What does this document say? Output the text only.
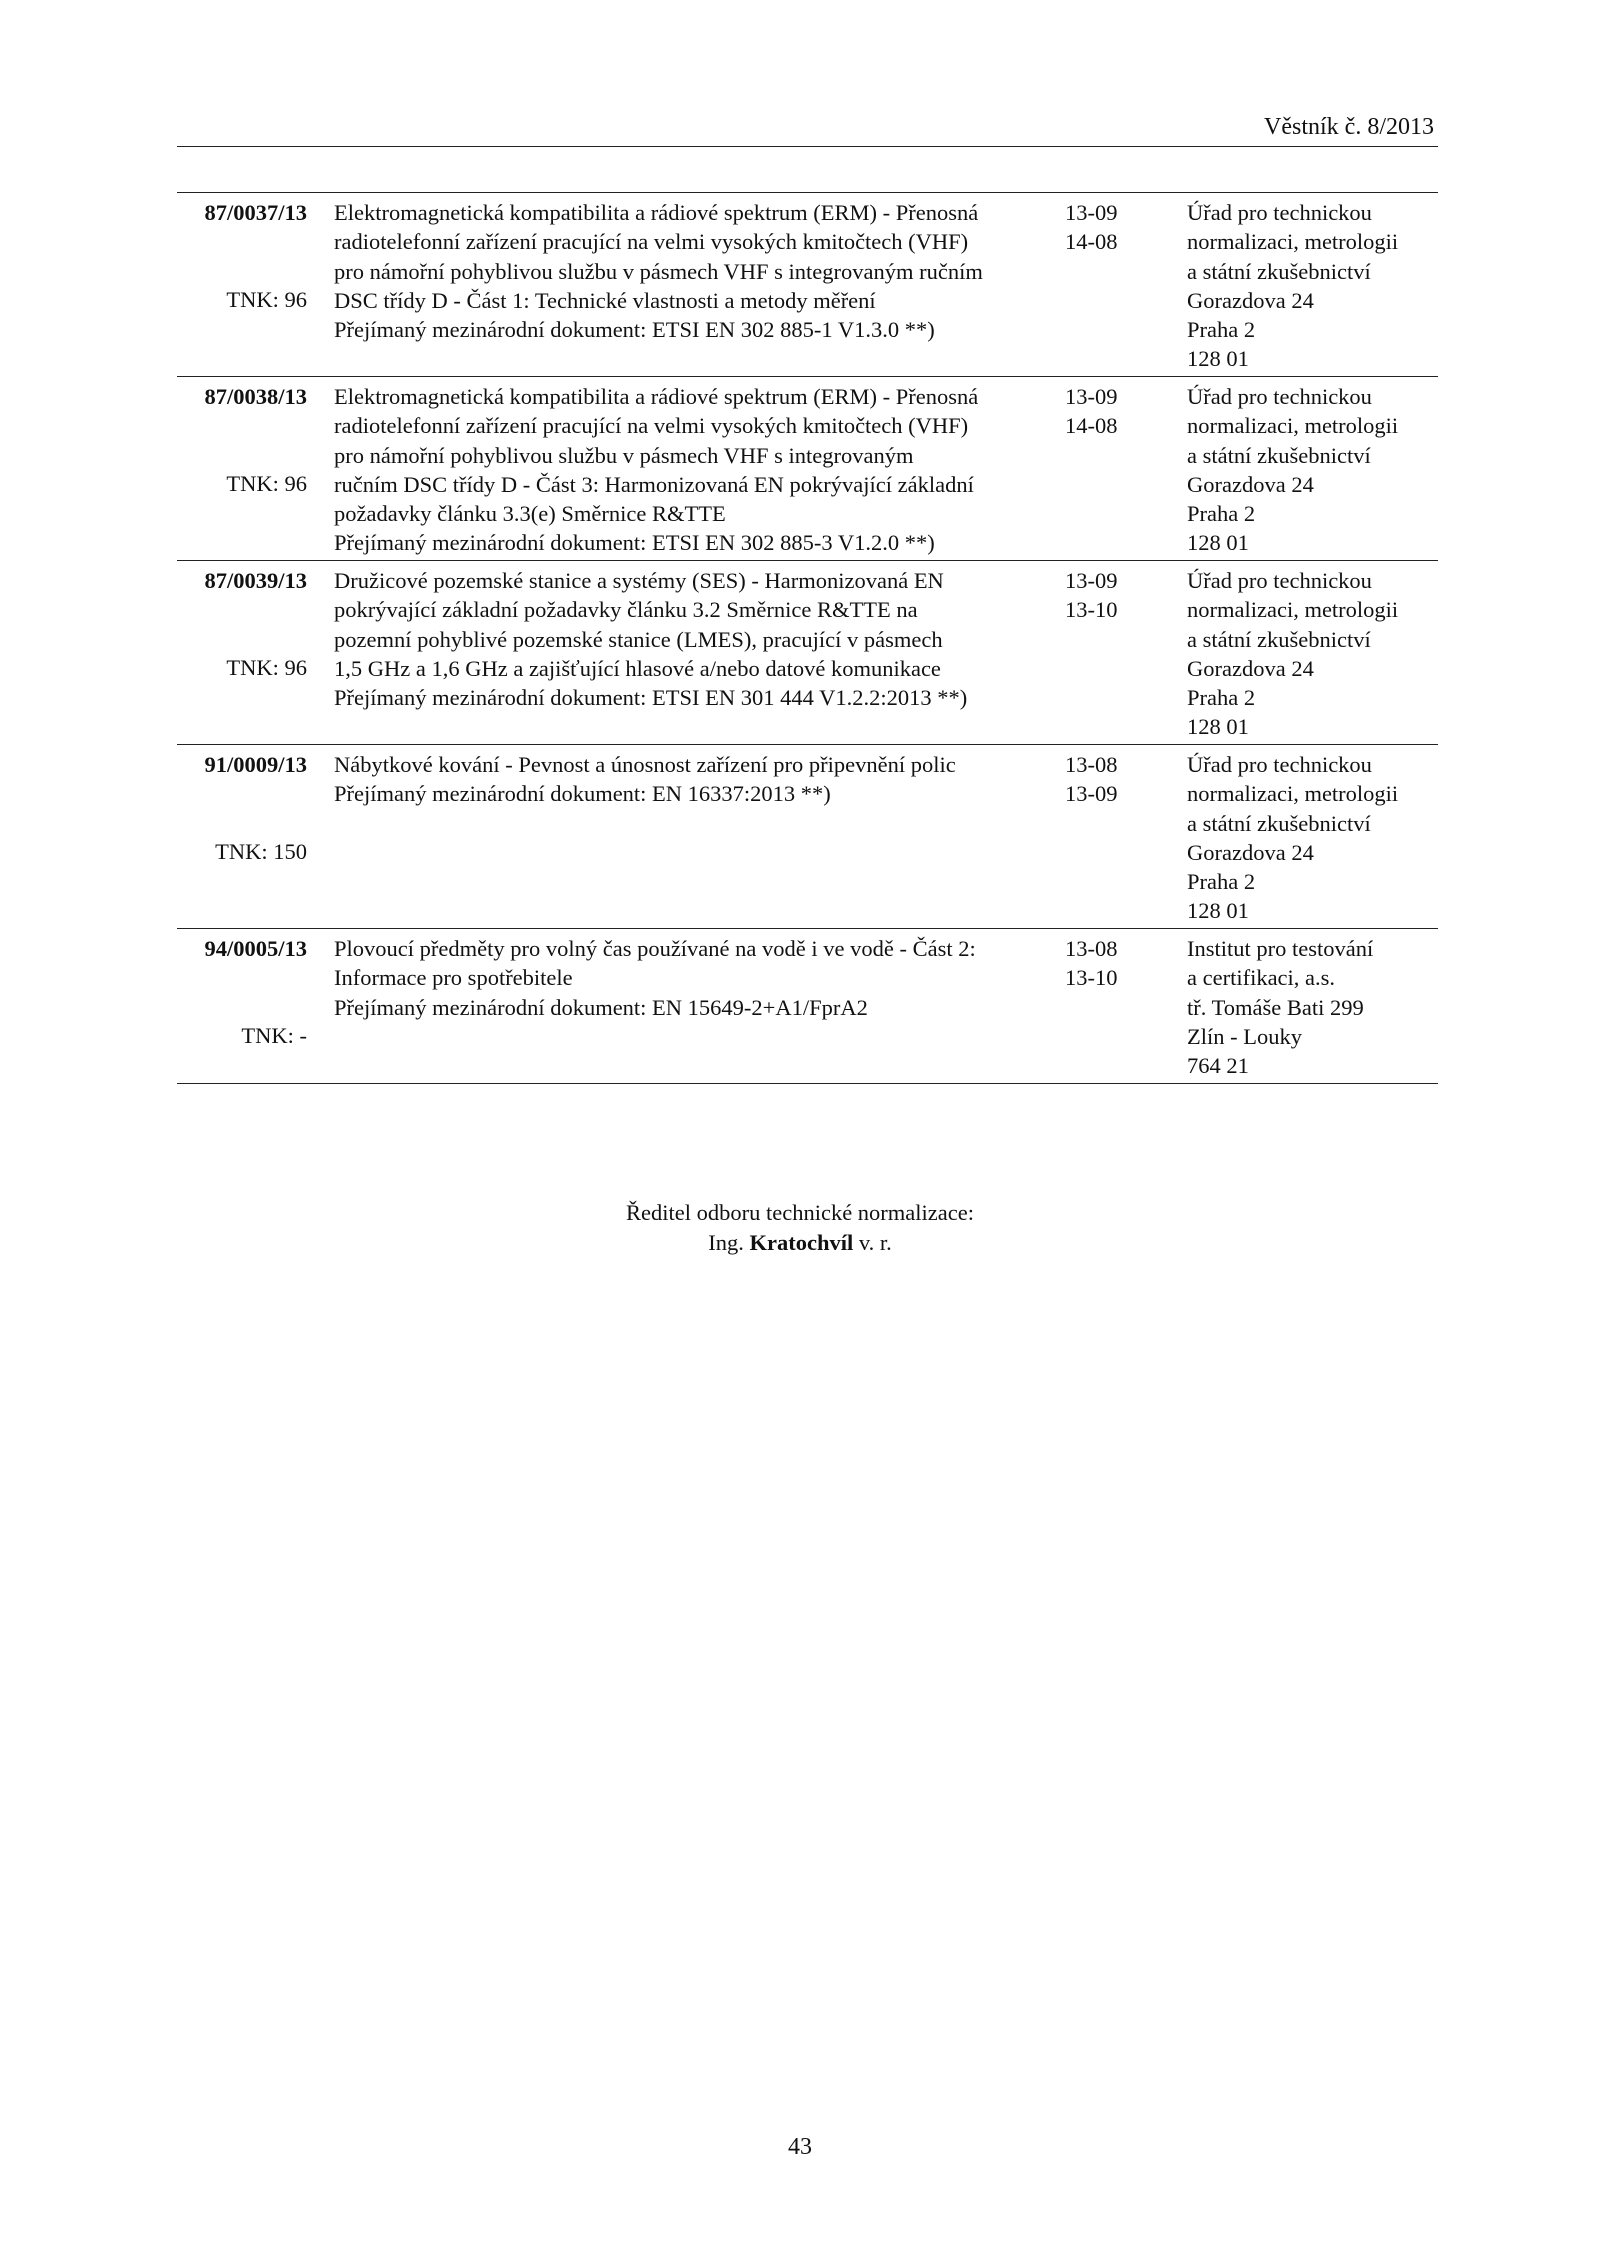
Věstník č. 8/2013
87/0037/13
TNK: 96
Elektromagnetická kompatibilita a rádiové spektrum (ERM) - Přenosná
radiotelefonní zařízení pracující na velmi vysokých kmitočtech (VHF)
pro námořní pohyblivou službu v pásmech VHF s integrovaným ručním
DSC třídy D - Část 1: Technické vlastnosti a metody měření
Přejímaný mezinárodní dokument: ETSI EN 302 885-1 V1.3.0 **)
13-09
14-08
Úřad pro technickou
normalizaci, metrologii
a státní zkušebnictví
Gorazdova 24
Praha 2
128 01
87/0038/13
TNK: 96
Elektromagnetická kompatibilita a rádiové spektrum (ERM) - Přenosná
radiotelefonní zařízení pracující na velmi vysokých kmitočtech (VHF)
pro námořní pohyblivou službu v pásmech VHF s integrovaným
ručním DSC třídy D - Část 3: Harmonizovaná EN pokrývající základní
požadavky článku 3.3(e) Směrnice R&TTE
Přejímaný mezinárodní dokument: ETSI EN 302 885-3 V1.2.0 **)
13-09
14-08
Úřad pro technickou
normalizaci, metrologii
a státní zkušebnictví
Gorazdova 24
Praha 2
128 01
87/0039/13
TNK: 96
Družicové pozemské stanice a systémy (SES) - Harmonizovaná EN
pokrývající základní požadavky článku 3.2 Směrnice R&TTE na
pozemní pohyblivé pozemské stanice (LMES), pracující v pásmech
1,5 GHz a 1,6 GHz a zajišťující hlasové a/nebo datové komunikace
Přejímaný mezinárodní dokument: ETSI EN 301 444 V1.2.2:2013 **)
13-09
13-10
Úřad pro technickou
normalizaci, metrologii
a státní zkušebnictví
Gorazdova 24
Praha 2
128 01
91/0009/13
TNK: 150
Nábytkové kování - Pevnost a únosnost zařízení pro připevnění polic
Přejímaný mezinárodní dokument: EN 16337:2013 **)
13-08
13-09
Úřad pro technickou
normalizaci, metrologii
a státní zkušebnictví
Gorazdova 24
Praha 2
128 01
94/0005/13
TNK: -
Plovoucí předměty pro volný čas používané na vodě i ve vodě - Část 2:
Informace pro spotřebitele
Přejímaný mezinárodní dokument: EN 15649-2+A1/FprA2
13-08
13-10
Institut pro testování
a certifikaci, a.s.
tř. Tomáše Bati 299
Zlín - Louky
764 21
Ředitel odboru technické normalizace:
Ing. Kratochvíl v. r.
43
